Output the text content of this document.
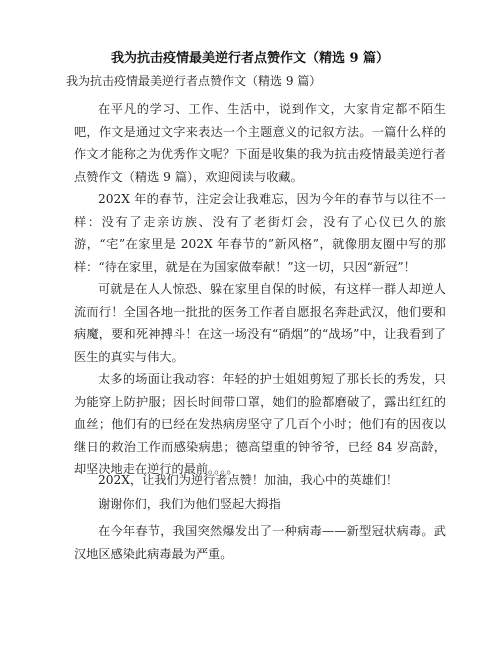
我为抗击疫情最美逆行者点赞作文（精选 9 篇）
我为抗击疫情最美逆行者点赞作文（精选 9 篇）

在平凡的学习、工作、生活中，说到作文，大家肯定都不陌生吧，作文是通过文字来表达一个主题意义的记叙方法。一篇什么样的作文才能称之为优秀作文呢？下面是收集的我为抗击疫情最美逆行者点赞作文（精选 9 篇），欢迎阅读与收藏。

202X 年的春节，注定会让我难忘，因为今年的春节与以往不一样：没有了走亲访族、没有了老街灯会，没有了心仪已久的旅游，“宅”在家里是 202X 年春节的”新风格”，就像朋友圈中写的那样：“待在家里，就是在为国家做奉献！”这一切，只因“新冠”！

可就是在人人惊恐、躲在家里自保的时候，有这样一群人却逆人流而行！全国各地一批批的医务工作者自愿报名奔赴武汉，他们要和病魔，要和死神搏斗！在这一场没有“硝烟”的“战场”中，让我看到了医生的真实与伟大。

太多的场面让我动容：年轻的护士姐姐剪短了那长长的秀发，只为能穿上防护服；因长时间带口罩，她们的脸都磨破了，露出红红的血丝；他们有的已经在发热病房坚守了几百个小时；他们有的因夜以继日的救治工作而感染病患；德高望重的钟爷爷，已经 84 岁高龄，却坚决地走在逆行的最前。。。。

202X，让我们为逆行者点赞！加油，我心中的英雄们！
谢谢你们，我们为他们竖起大拇指

在今年春节，我国突然爆发出了一种病毒——新型冠状病毒。武汉地区感染此病毒最为严重。
